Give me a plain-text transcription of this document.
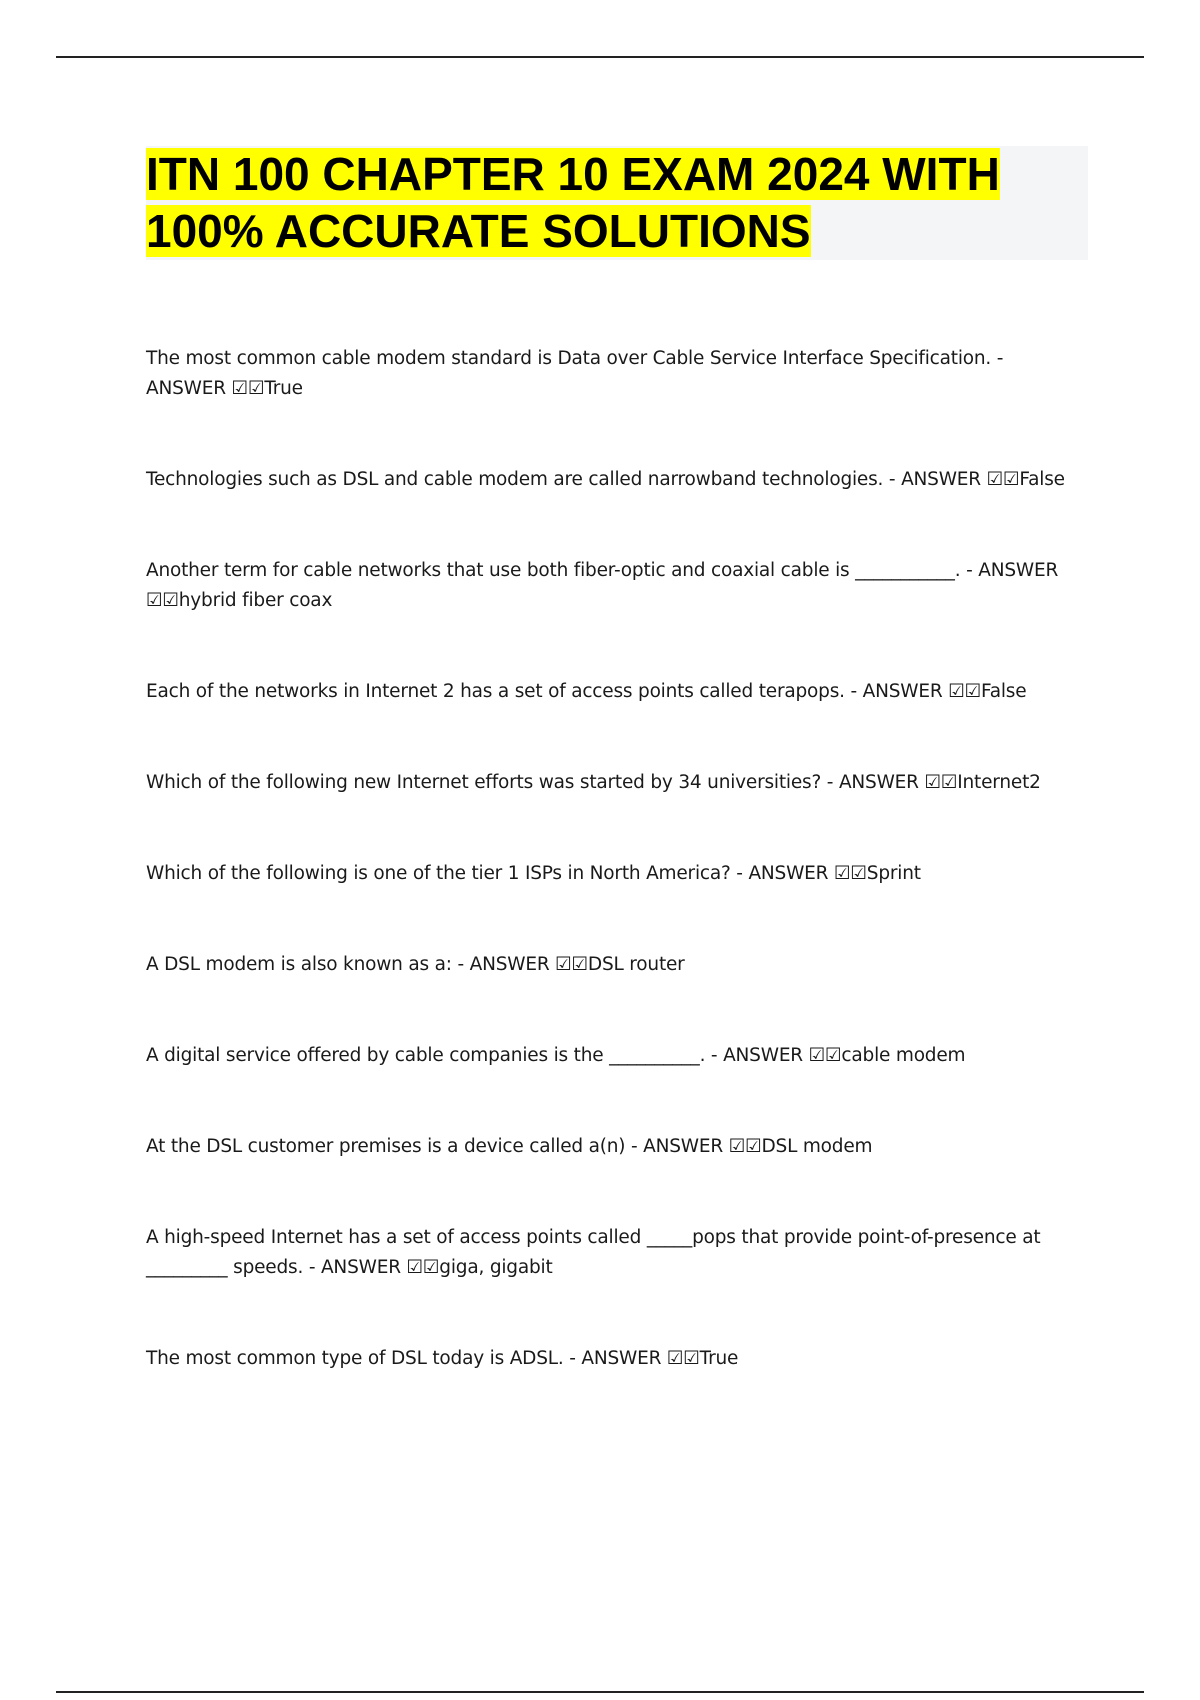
ITN 100 CHAPTER 10 EXAM 2024 WITH
100% ACCURATE SOLUTIONS
The most common cable modem standard is Data over Cable Service Interface Specification. - ANSWER ☑☑True
Technologies such as DSL and cable modem are called narrowband technologies. - ANSWER ☑☑False
Another term for cable networks that use both fiber-optic and coaxial cable is ___________. - ANSWER ☑☑hybrid fiber coax
Each of the networks in Internet 2 has a set of access points called terapops. - ANSWER ☑☑False
Which of the following new Internet efforts was started by 34 universities? - ANSWER ☑☑Internet2
Which of the following is one of the tier 1 ISPs in North America? - ANSWER ☑☑Sprint
A DSL modem is also known as a: - ANSWER ☑☑DSL router
A digital service offered by cable companies is the __________. - ANSWER ☑☑cable modem
At the DSL customer premises is a device called a(n) - ANSWER ☑☑DSL modem
A high-speed Internet has a set of access points called _____pops that provide point-of-presence at _________ speeds. - ANSWER ☑☑giga, gigabit
The most common type of DSL today is ADSL. - ANSWER ☑☑True
